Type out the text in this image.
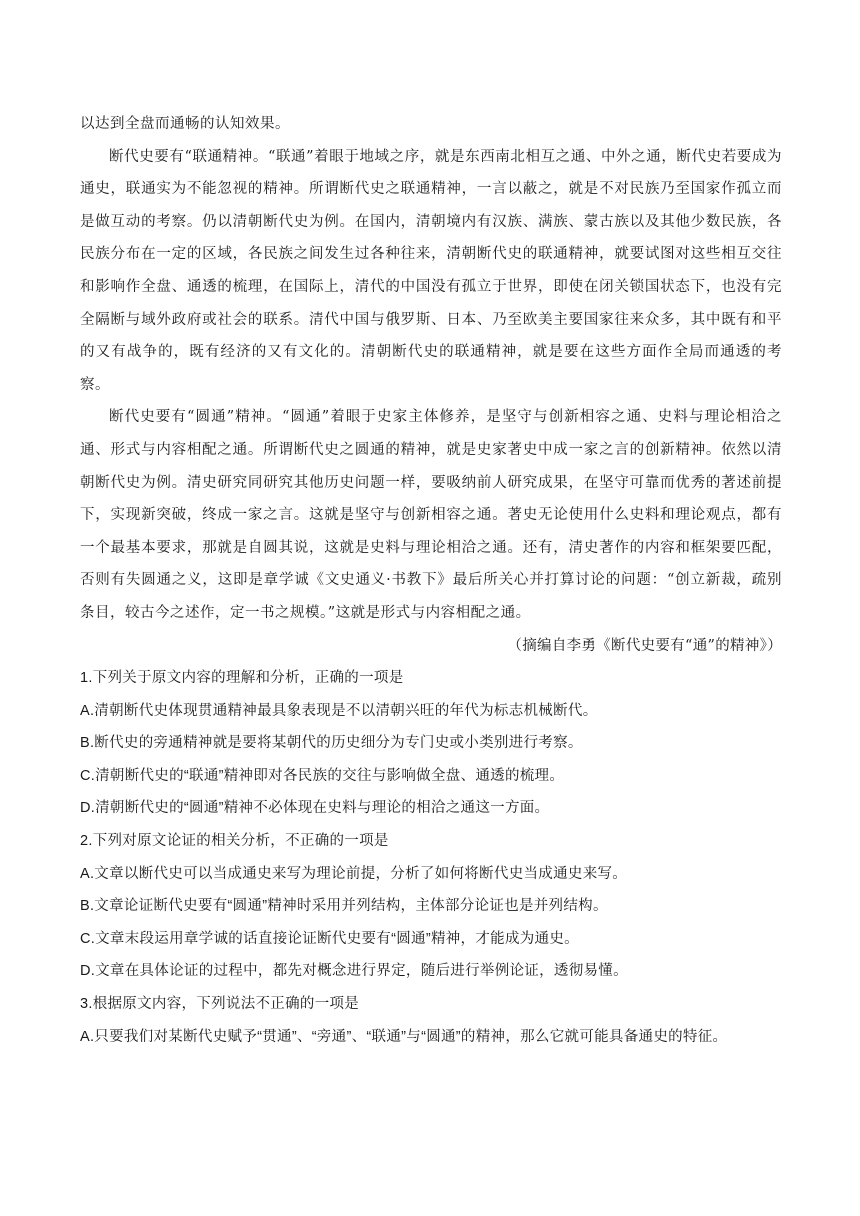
以达到全盘而通畅的认知效果。

断代史要有“联通精神。“联通”着眼于地域之序，就是东西南北相互之通、中外之通，断代史若要成为通史，联通实为不能忽视的精神。所谓断代史之联通精神，一言以蔽之，就是不对民族乃至国家作孤立而是做互动的考察。仍以清朝断代史为例。在国内，清朝境内有汉族、满族、蒙古族以及其他少数民族，各民族分布在一定的区域，各民族之间发生过各种往来，清朝断代史的联通精神，就要试图对这些相互交往和影响作全盘、通透的梳理，在国际上，清代的中国没有孤立于世界，即使在闭关锁国状态下，也没有完全隔断与域外政府或社会的联系。清代中国与俄罗斯、日本、乃至欧美主要国家往来众多，其中既有和平的又有战争的，既有经济的又有文化的。清朝断代史的联通精神，就是要在这些方面作全局而通透的考察。

断代史要有“圆通”精神。“圆通”着眼于史家主体修养，是坚守与创新相容之通、史料与理论相洽之通、形式与内容相配之通。所谓断代史之圆通的精神，就是史家著史中成一家之言的创新精神。依然以清朝断代史为例。清史研究同研究其他历史问题一样，要吸纳前人研究成果，在坚守可靠而优秀的著述前提下，实现新突破，终成一家之言。这就是坚守与创新相容之通。著史无论使用什么史料和理论观点，都有一个最基本要求，那就是自圆其说，这就是史料与理论相洽之通。还有，清史著作的内容和框架要匹配，否则有失圆通之义，这即是章学诚《文史通义·书教下》最后所关心并打算讨论的问题：“创立新裁，疏别条目，较古今之述作，定一书之规模。”这就是形式与内容相配之通。

（摘编自李勇《断代史要有“通”的精神》）

1.下列关于原文内容的理解和分析，正确的一项是

A.清朝断代史体现贯通精神最具象表现是不以清朝兴旺的年代为标志机械断代。

B.断代史的旁通精神就是要将某朝代的历史细分为专门史或小类别进行考察。

C.清朝断代史的“联通”精神即对各民族的交往与影响做全盘、通透的梳理。

D.清朝断代史的“圆通”精神不必体现在史料与理论的相洽之通这一方面。

2.下列对原文论证的相关分析，不正确的一项是

A.文章以断代史可以当成通史来写为理论前提，分析了如何将断代史当成通史来写。

B.文章论证断代史要有“圆通”精神时采用并列结构，主体部分论证也是并列结构。

C.文章末段运用章学诚的话直接论证断代史要有“圆通”精神，才能成为通史。

D.文章在具体论证的过程中，都先对概念进行界定，随后进行举例论证，透彻易懂。

3.根据原文内容，下列说法不正确的一项是

A.只要我们对某断代史赋予“贯通”、“旁通”、“联通”与“圆通”的精神，那么它就可能具备通史的特征。
